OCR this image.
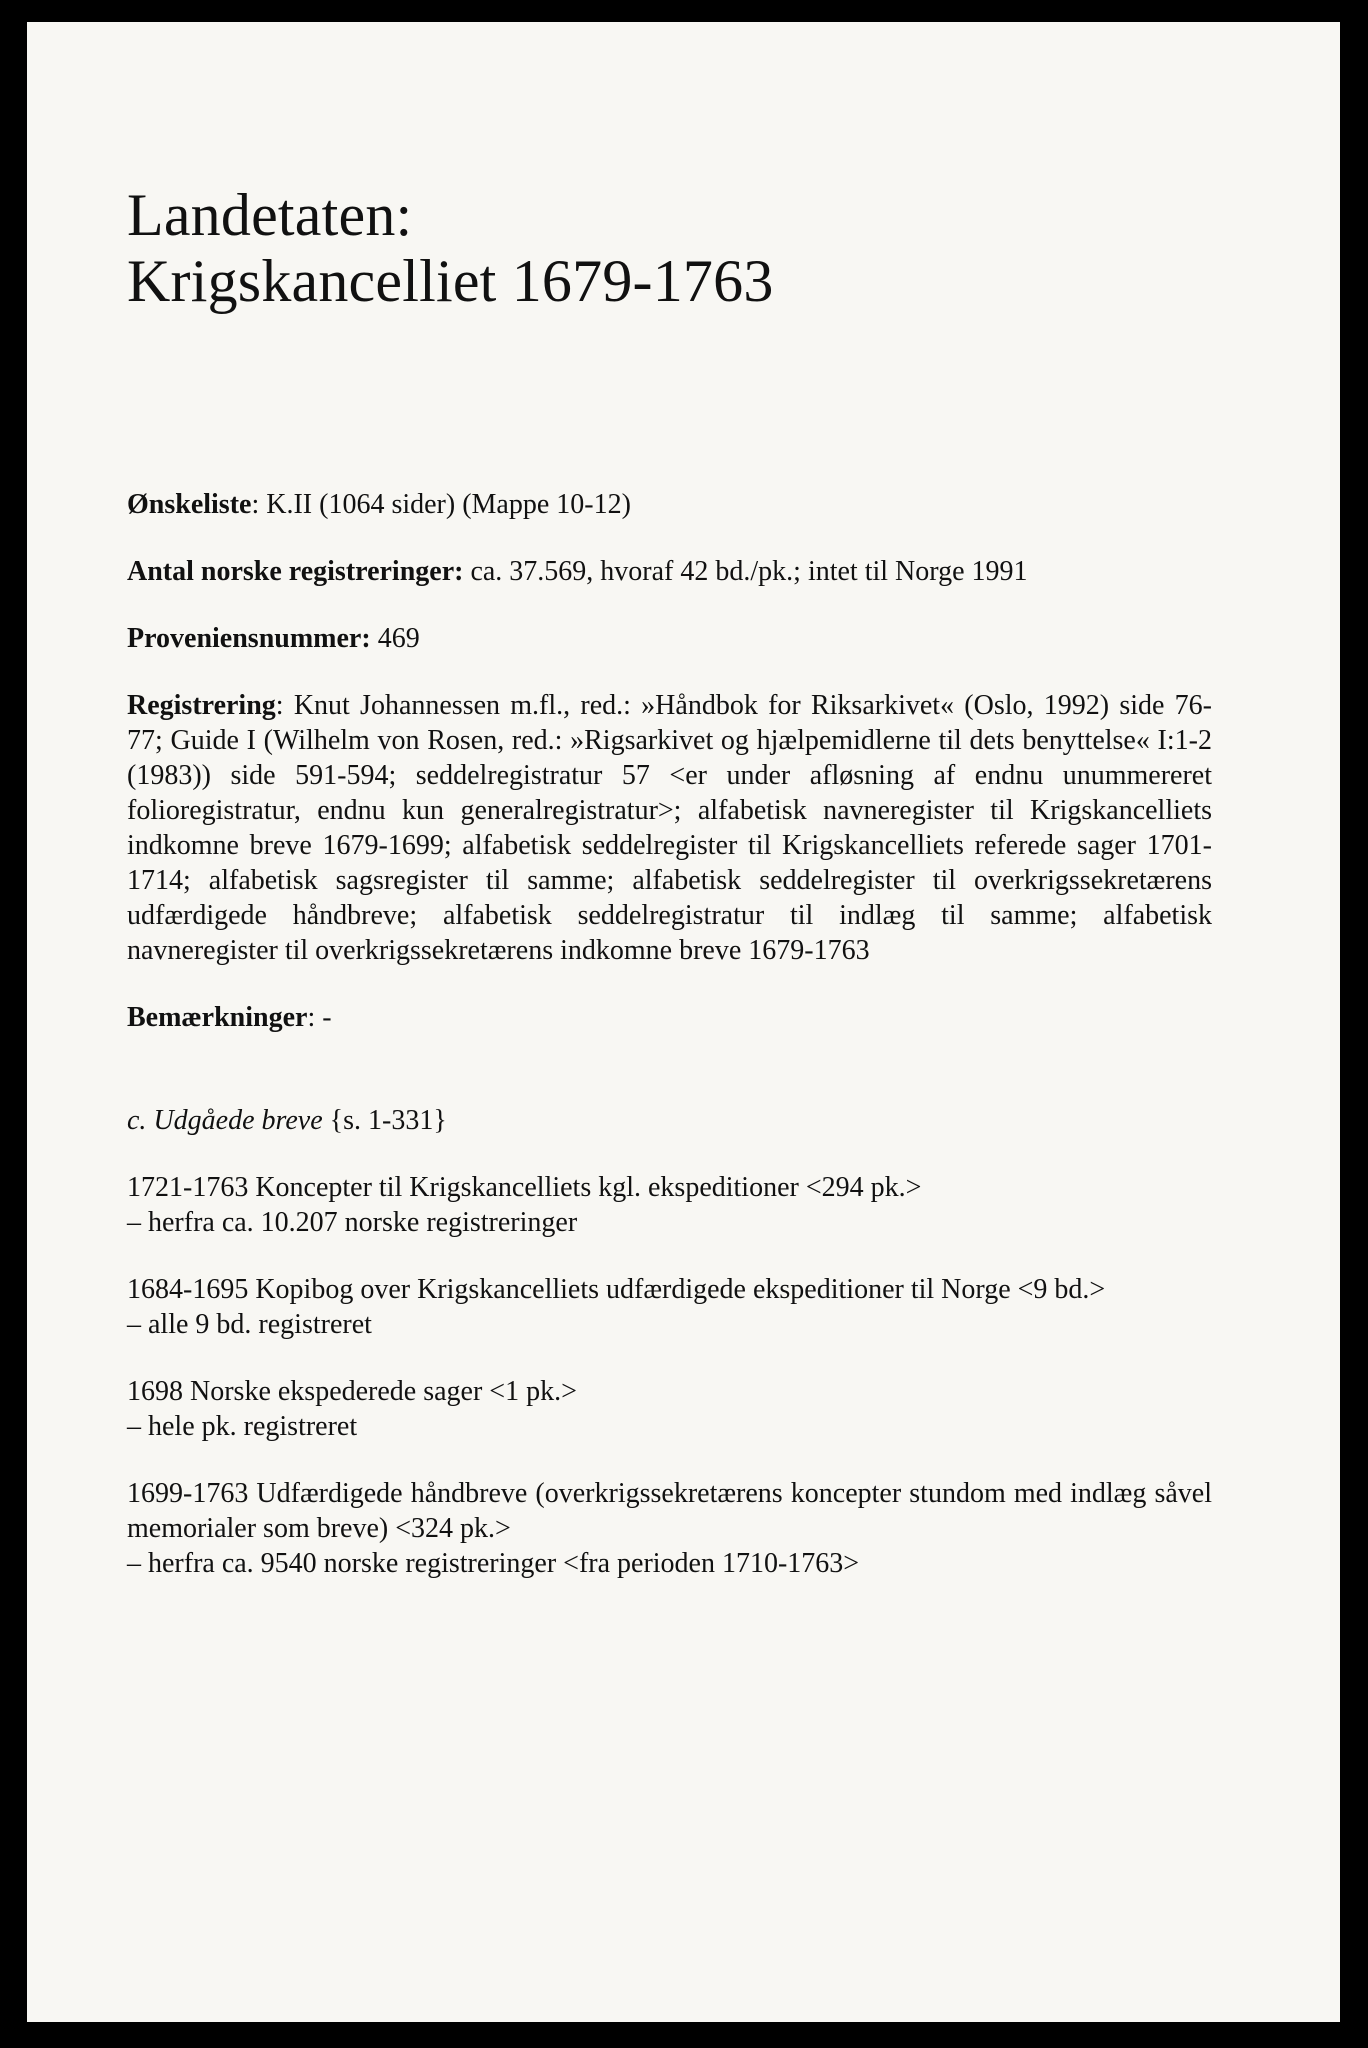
Landetaten:
Krigskancelliet 1679-1763

Ønskeliste: K.II (1064 sider) (Mappe 10-12)

Antal norske registreringer: ca. 37.569, hvoraf 42 bd./pk.; intet til Norge 1991

Proveniensnummer: 469

Registrering: Knut Johannessen m.fl., red.: »Håndbok for Riksarkivet« (Oslo, 1992) side 76-77; Guide I (Wilhelm von Rosen, red.: »Rigsarkivet og hjælpemidlerne til dets benyttelse« I:1-2 (1983)) side 591-594; seddelregistratur 57 <er under afløsning af endnu unummereret folioregistratur, endnu kun generalregistratur>; alfabetisk navneregister til Krigskancelliets indkomne breve 1679-1699; alfabetisk seddelregister til Krigskancelliets referede sager 1701-1714; alfabetisk sagsregister til samme; alfabetisk seddelregister til overkrigssekretærens udfærdigede håndbreve; alfabetisk seddelregistratur til indlæg til samme; alfabetisk navneregister til overkrigssekretærens indkomne breve 1679-1763

Bemærkninger: -

c. Udgåede breve {s. 1-331}

1721-1763 Koncepter til Krigskancelliets kgl. ekspeditioner <294 pk.>

– herfra ca. 10.207 norske registreringer

1684-1695 Kopibog over Krigskancelliets udfærdigede ekspeditioner til Norge <9 bd.>

– alle 9 bd. registreret

1698 Norske ekspederede sager <1 pk.>

– hele pk. registreret

1699-1763 Udfærdigede håndbreve (overkrigssekretærens koncepter stundom med indlæg såvel memorialer som breve) <324 pk.>

– herfra ca. 9540 norske registreringer <fra perioden 1710-1763>
